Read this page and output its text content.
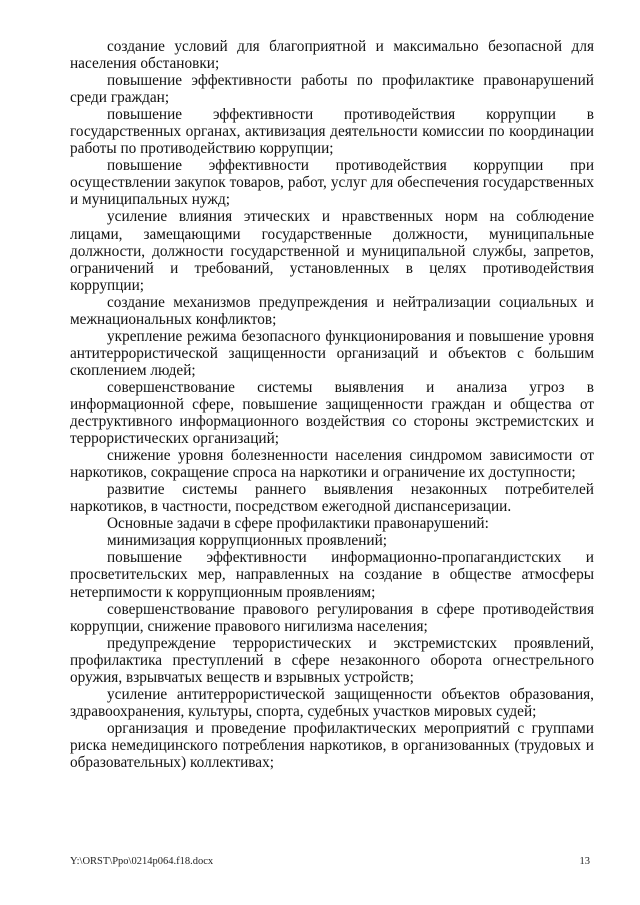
создание условий для благоприятной и максимально безопасной для населения обстановки;

повышение эффективности работы по профилактике правонарушений среди граждан;

повышение эффективности противодействия коррупции в государственных органах, активизация деятельности комиссии по координации работы по противодействию коррупции;

повышение эффективности противодействия коррупции при осуществлении закупок товаров, работ, услуг для обеспечения государственных и муниципальных нужд;

усиление влияния этических и нравственных норм на соблюдение лицами, замещающими государственные должности, муниципальные должности, должности государственной и муниципальной службы, запретов, ограничений и требований, установленных в целях противодействия коррупции;

создание механизмов предупреждения и нейтрализации социальных и межнациональных конфликтов;

укрепление режима безопасного функционирования и повышение уровня антитеррористической защищенности организаций и объектов с большим скоплением людей;

совершенствование системы выявления и анализа угроз в информационной сфере, повышение защищенности граждан и общества от деструктивного информационного воздействия со стороны экстремистских и террористических организаций;

снижение уровня болезненности населения синдромом зависимости от наркотиков, сокращение спроса на наркотики и ограничение их доступности;

развитие системы раннего выявления незаконных потребителей наркотиков, в частности, посредством ежегодной диспансеризации.

Основные задачи в сфере профилактики правонарушений:

минимизация коррупционных проявлений;

повышение эффективности информационно-пропагандистских и просветительских мер, направленных на создание в обществе атмосферы нетерпимости к коррупционным проявлениям;

совершенствование правового регулирования в сфере противодействия коррупции, снижение правового нигилизма населения;

предупреждение террористических и экстремистских проявлений, профилактика преступлений в сфере незаконного оборота огнестрельного оружия, взрывчатых веществ и взрывных устройств;

усиление антитеррористической защищенности объектов образования, здравоохранения, культуры, спорта, судебных участков мировых судей;

организация и проведение профилактических мероприятий с группами риска немедицинского потребления наркотиков, в организованных (трудовых и образовательных) коллективах;

Y:\ORST\Ppo\0214p064.f18.docx	13
